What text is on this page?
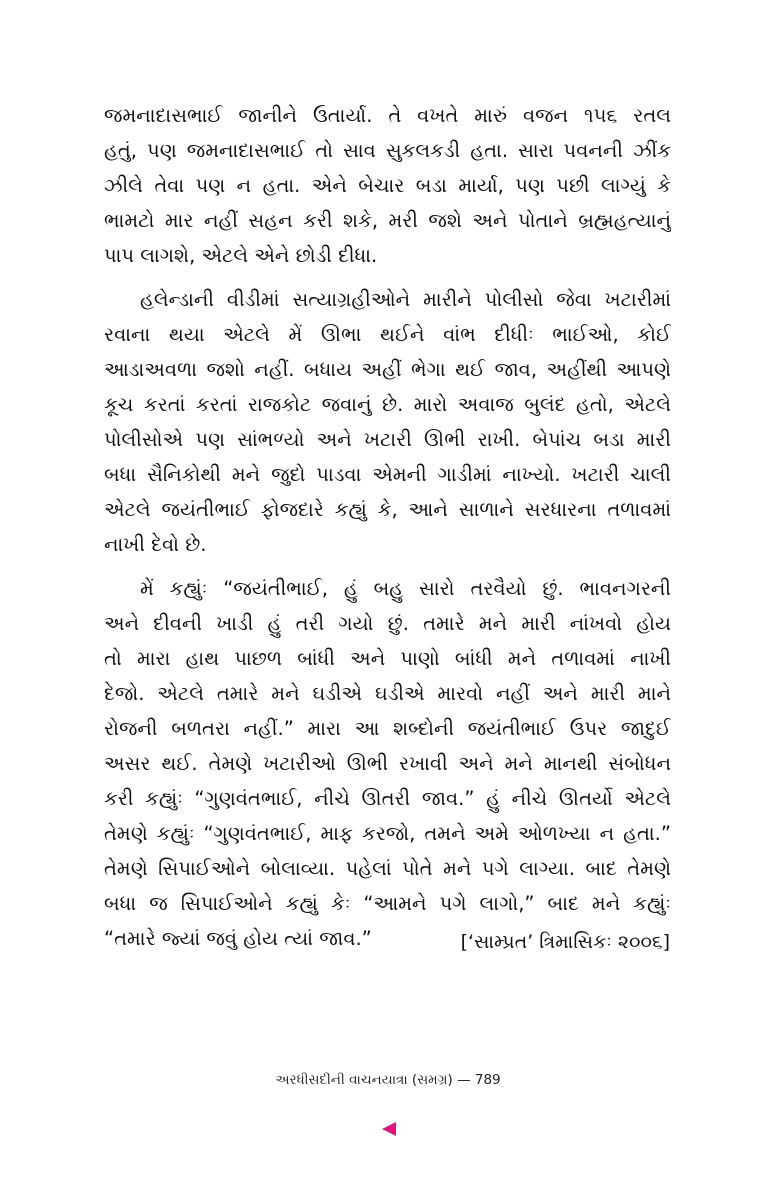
જમનાદાસભાઈ જાનીને ઉતાર્યા. તે વખતે મારું વજન ૧૫૬ રતલ
હતું, પણ જમનાદાસભાઈ તો સાવ સુકલકડી હતા. સારા પવનની ઝીંક
ઝીલે તેવા પણ ન હતા. એને બેચાર બડા માર્યા, પણ પછી લાગ્યું કે
ભામટો માર નહીં સહન કરી શકે, મરી જશે અને પોતાને બ્રહ્મહત્યાનું
પાપ લાગશે, એટલે એને છોડી દીધા.

હલેન્ડાની વીડીમાં સત્યાગ્રહીઓને મારીને પોલીસો જેવા ખટારીમાં
રવાના થયા એટલે મેં ઊભા થઈને વાંભ દીધીઃ ભાઈઓ, કોઈ
આડાઅવળા જશો નહીં. બધાય અહીં ભેગા થઈ જાવ, અહીંથી આપણે
કૂચ કરતાં કરતાં રાજકોટ જવાનું છે. મારો અવાજ બુલંદ હતો, એટલે
પોલીસોએ પણ સાંભળ્યો અને ખટારી ઊભી રાખી. બેપાંચ બડા મારી
બધા સૈનિકોથી મને જુદો પાડવા એમની ગાડીમાં નાખ્યો. ખટારી ચાલી
એટલે જયંતીભાઈ ફોજદારે કહ્યું કે, આને સાળાને સરધારના તળાવમાં
નાખી દેવો છે.

મેં કહ્યુંઃ “જયંતીભાઈ, હું બહુ સારો તરવૈયો છું. ભાવનગરની
અને દીવની ખાડી હું તરી ગયો છું. તમારે મને મારી નાંખવો હોય
તો મારા હાથ પાછળ બાંધી અને પાણો બાંધી મને તળાવમાં નાખી
દેજો. એટલે તમારે મને ઘડીએ ઘડીએ મારવો નહીં અને મારી માને
રોજની બળતરા નહીં.” મારા આ શબ્દોની જયંતીભાઈ ઉપર જાદુઈ
અસર થઈ. તેમણે ખટારીઓ ઊભી રખાવી અને મને માનથી સંબોધન
કરી કહ્યુંઃ “ગુણવંતભાઈ, નીચે ઊતરી જાવ.” હું નીચે ઊતર્યો એટલે
તેમણે કહ્યુંઃ “ગુણવંતભાઈ, માફ કરજો, તમને અમે ઓળખ્યા ન હતા.”
તેમણે સિપાઈઓને બોલાવ્યા. પહેલાં પોતે મને પગે લાગ્યા. બાદ તેમણે
બધા જ સિપાઈઓને કહ્યું કેઃ “આમને પગે લાગો,” બાદ મને કહ્યુંઃ
“તમારે જ્યાં જવું હોય ત્યાં જાવ.”	[‘સામ્પ્રત’ ત્રિમાસિકઃ ૨૦૦૬]
અરધીસદીની વાચનયાત્રા (સમગ્ર) — 789
